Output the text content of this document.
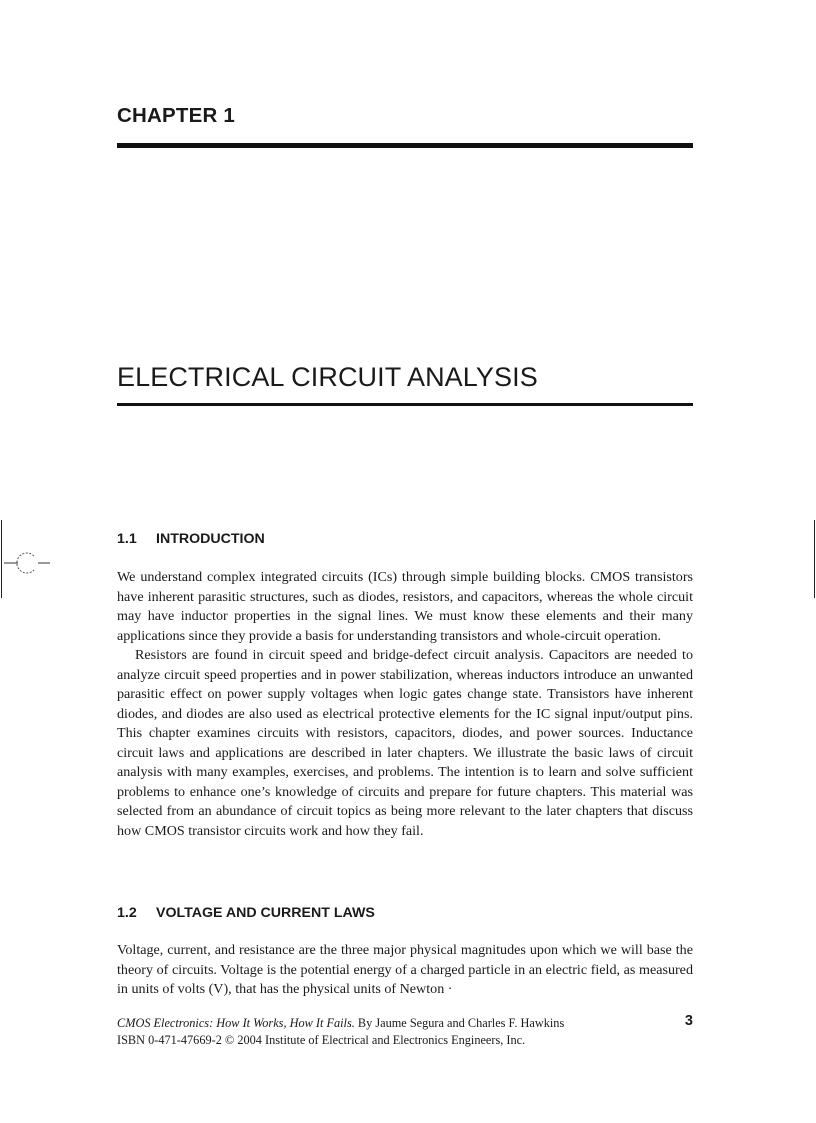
CHAPTER 1
ELECTRICAL CIRCUIT ANALYSIS
1.1 INTRODUCTION

We understand complex integrated circuits (ICs) through simple building blocks. CMOS transistors have inherent parasitic structures, such as diodes, resistors, and capacitors, whereas the whole circuit may have inductor properties in the signal lines. We must know these elements and their many applications since they provide a basis for understanding transistors and whole-circuit operation.

Resistors are found in circuit speed and bridge-defect circuit analysis. Capacitors are needed to analyze circuit speed properties and in power stabilization, whereas inductors introduce an unwanted parasitic effect on power supply voltages when logic gates change state. Transistors have inherent diodes, and diodes are also used as electrical protective elements for the IC signal input/output pins. This chapter examines circuits with resistors, capacitors, diodes, and power sources. Inductance circuit laws and applications are described in later chapters. We illustrate the basic laws of circuit analysis with many examples, exercises, and problems. The intention is to learn and solve sufficient problems to enhance one’s knowledge of circuits and prepare for future chapters. This material was selected from an abundance of circuit topics as being more relevant to the later chapters that discuss how CMOS transistor circuits work and how they fail.

1.2 VOLTAGE AND CURRENT LAWS

Voltage, current, and resistance are the three major physical magnitudes upon which we will base the theory of circuits. Voltage is the potential energy of a charged particle in an electric field, as measured in units of volts (V), that has the physical units of Newton ·

CMOS Electronics: How It Works, How It Fails. By Jaume Segura and Charles F. Hawkins	3
ISBN 0-471-47669-2 © 2004 Institute of Electrical and Electronics Engineers, Inc.
